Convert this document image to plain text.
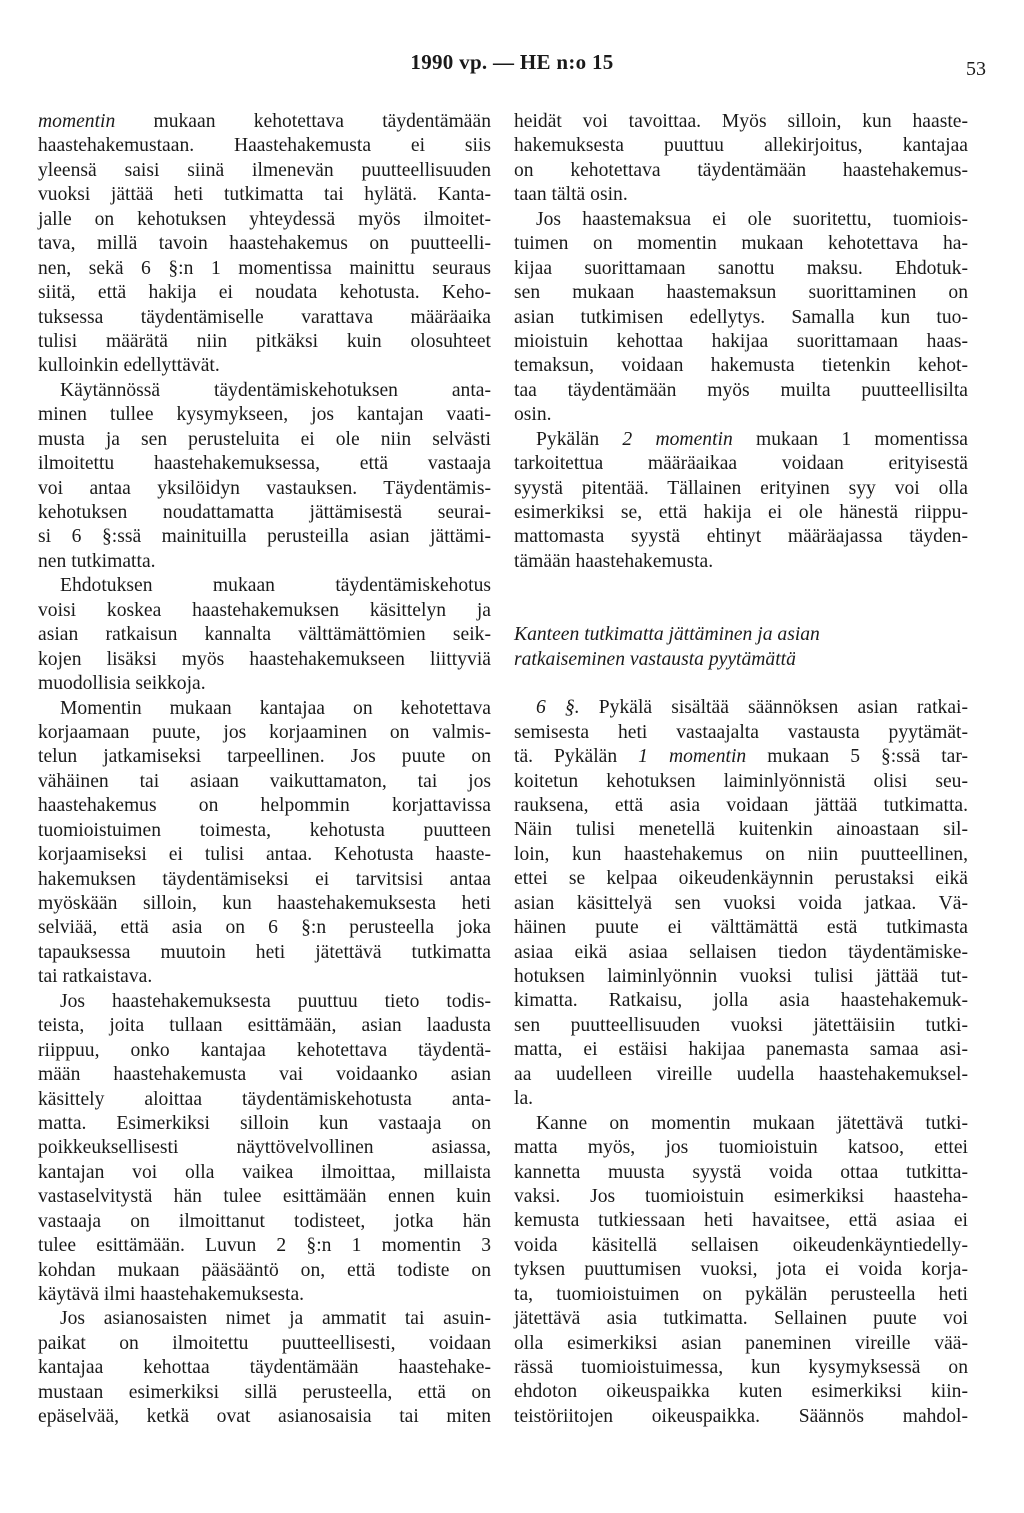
1990 vp. — HE n:o 15	53
momentin mukaan kehotettava täydentämään
haastehakemustaan. Haastehakemusta ei siis
yleensä saisi siinä ilmenevän puutteellisuuden
vuoksi jättää heti tutkimatta tai hylätä. Kanta-
jalle on kehotuksen yhteydessä myös ilmoitet-
tava, millä tavoin haastehakemus on puutteelli-
nen, sekä 6 §:n 1 momentissa mainittu seuraus
siitä, että hakija ei noudata kehotusta. Keho-
tuksessa täydentämiselle varattava määräaika
tulisi määrätä niin pitkäksi kuin olosuhteet
kulloinkin edellyttävät.
Käytännössä täydentämiskehotuksen anta-
minen tullee kysymykseen, jos kantajan vaati-
musta ja sen perusteluita ei ole niin selvästi
ilmoitettu haastehakemuksessa, että vastaaja
voi antaa yksilöidyn vastauksen. Täydentämis-
kehotuksen noudattamatta jättämisestä seurai-
si 6 §:ssä mainituilla perusteilla asian jättämi-
nen tutkimatta.
Ehdotuksen mukaan täydentämiskehotus
voisi koskea haastehakemuksen käsittelyn ja
asian ratkaisun kannalta välttämättömien seik-
kojen lisäksi myös haastehakemukseen liittyviä
muodollisia seikkoja.
Momentin mukaan kantajaa on kehotettava
korjaamaan puute, jos korjaaminen on valmis-
telun jatkamiseksi tarpeellinen. Jos puute on
vähäinen tai asiaan vaikuttamaton, tai jos
haastehakemus on helpommin korjattavissa
tuomioistuimen toimesta, kehotusta puutteen
korjaamiseksi ei tulisi antaa. Kehotusta haaste-
hakemuksen täydentämiseksi ei tarvitsisi antaa
myöskään silloin, kun haastehakemuksesta heti
selviää, että asia on 6 §:n perusteella joka
tapauksessa muutoin heti jätettävä tutkimatta
tai ratkaistava.
Jos haastehakemuksesta puuttuu tieto todis-
teista, joita tullaan esittämään, asian laadusta
riippuu, onko kantajaa kehotettava täydentä-
mään haastehakemusta vai voidaanko asian
käsittely aloittaa täydentämiskehotusta anta-
matta. Esimerkiksi silloin kun vastaaja on
poikkeuksellisesti näyttövelvollinen asiassa,
kantajan voi olla vaikea ilmoittaa, millaista
vastaselvitystä hän tulee esittämään ennen kuin
vastaaja on ilmoittanut todisteet, jotka hän
tulee esittämään. Luvun 2 §:n 1 momentin 3
kohdan mukaan pääsääntö on, että todiste on
käytävä ilmi haastehakemuksesta.
Jos asianosaisten nimet ja ammatit tai asuin-
paikat on ilmoitettu puutteellisesti, voidaan
kantajaa kehottaa täydentämään haastehake-
mustaan esimerkiksi sillä perusteella, että on
epäselvää, ketkä ovat asianosaisia tai miten
heidät voi tavoittaa. Myös silloin, kun haaste-
hakemuksesta puuttuu allekirjoitus, kantajaa
on kehotettava täydentämään haastehakemus-
taan tältä osin.
Jos haastemaksua ei ole suoritettu, tuomiois-
tuimen on momentin mukaan kehotettava ha-
kijaa suorittamaan sanottu maksu. Ehdotuk-
sen mukaan haastemaksun suorittaminen on
asian tutkimisen edellytys. Samalla kun tuo-
mioistuin kehottaa hakijaa suorittamaan haas-
temaksun, voidaan hakemusta tietenkin kehot-
taa täydentämään myös muilta puutteellisilta
osin.
Pykälän 2 momentin mukaan 1 momentissa
tarkoitettua määräaikaa voidaan erityisestä
syystä pitentää. Tällainen erityinen syy voi olla
esimerkiksi se, että hakija ei ole hänestä riippu-
mattomasta syystä ehtinyt määräajassa täyden-
tämään haastehakemusta.
Kanteen tutkimatta jättäminen ja asian
ratkaiseminen vastausta pyytämättä
6 §. Pykälä sisältää säännöksen asian ratkai-
semisesta heti vastaajalta vastausta pyytämät-
tä. Pykälän 1 momentin mukaan 5 §:ssä tar-
koitetun kehotuksen laiminlyönnistä olisi seu-
rauksena, että asia voidaan jättää tutkimatta.
Näin tulisi menetellä kuitenkin ainoastaan sil-
loin, kun haastehakemus on niin puutteellinen,
ettei se kelpaa oikeudenkäynnin perustaksi eikä
asian käsittelyä sen vuoksi voida jatkaa. Vä-
häinen puute ei välttämättä estä tutkimasta
asiaa eikä asiaa sellaisen tiedon täydentämiske-
hotuksen laiminlyönnin vuoksi tulisi jättää tut-
kimatta. Ratkaisu, jolla asia haastehakemuk-
sen puutteellisuuden vuoksi jätettäisiin tutki-
matta, ei estäisi hakijaa panemasta samaa asi-
aa uudelleen vireille uudella haastehakemuksel-
la.
Kanne on momentin mukaan jätettävä tutki-
matta myös, jos tuomioistuin katsoo, ettei
kannetta muusta syystä voida ottaa tutkitta-
vaksi. Jos tuomioistuin esimerkiksi haasteha-
kemusta tutkiessaan heti havaitsee, että asiaa ei
voida käsitellä sellaisen oikeudenkäyntiedelly-
tyksen puuttumisen vuoksi, jota ei voida korja-
ta, tuomioistuimen on pykälän perusteella heti
jätettävä asia tutkimatta. Sellainen puute voi
olla esimerkiksi asian paneminen vireille vää-
rässä tuomioistuimessa, kun kysymyksessä on
ehdoton oikeuspaikka kuten esimerkiksi kiin-
teistöriitojen oikeuspaikka. Säännös mahdol-
